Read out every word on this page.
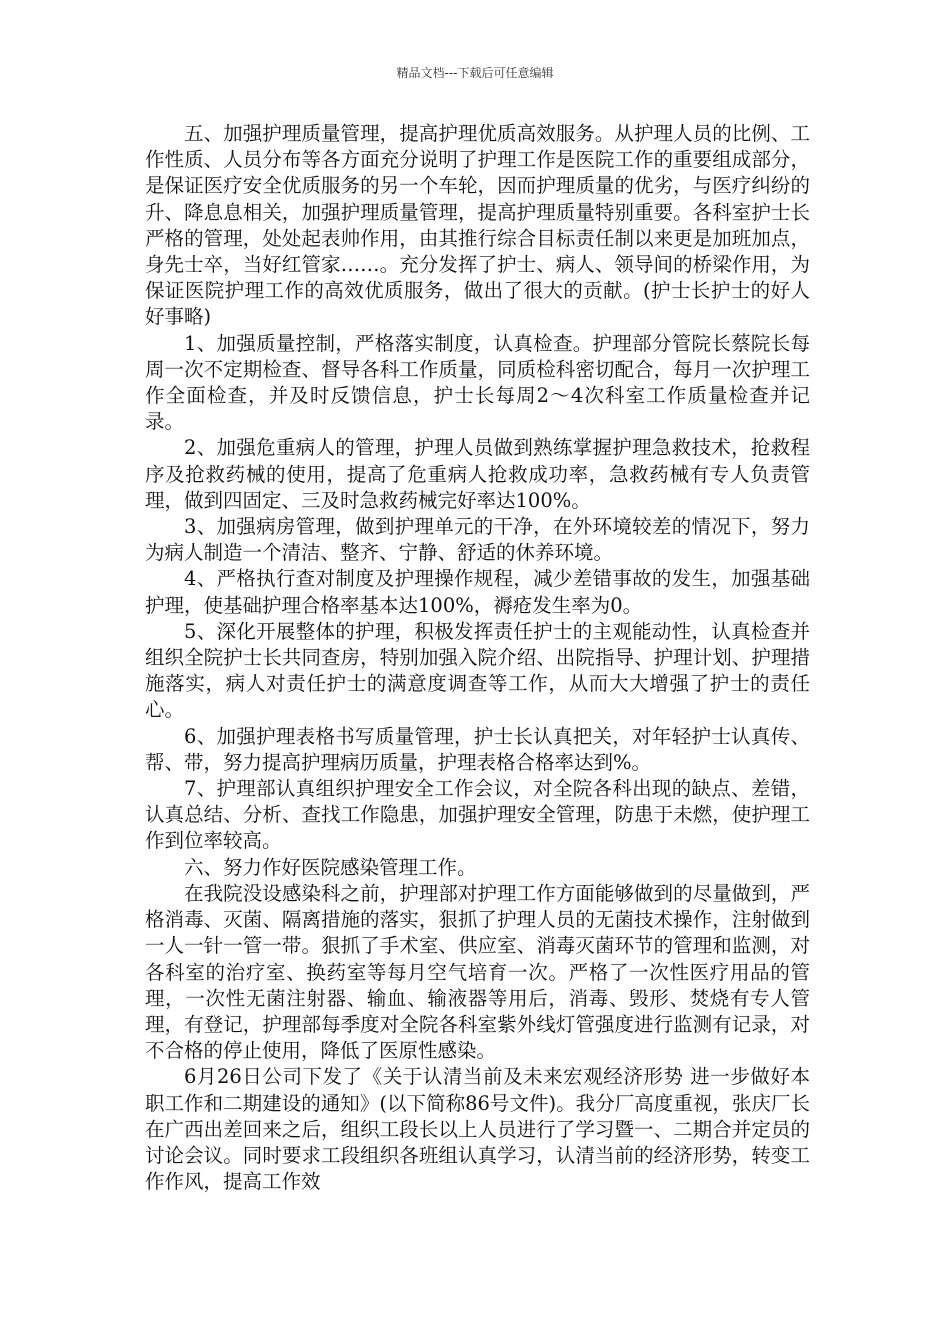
精品文档---下载后可任意编辑

五、加强护理质量管理，提高护理优质高效服务。从护理人员的比例、工作性质、人员分布等各方面充分说明了护理工作是医院工作的重要组成部分，是保证医疗安全优质服务的另一个车轮，因而护理质量的优劣，与医疗纠纷的升、降息息相关，加强护理质量管理，提高护理质量特别重要。各科室护士长严格的管理，处处起表帅作用，由其推行综合目标责任制以来更是加班加点，身先士卒，当好红管家……。充分发挥了护士、病人、领导间的桥梁作用，为保证医院护理工作的高效优质服务，做出了很大的贡献。(护士长护士的好人好事略)

1、加强质量控制，严格落实制度，认真检查。护理部分管院长蔡院长每周一次不定期检查、督导各科工作质量，同质检科密切配合，每月一次护理工作全面检查，并及时反馈信息，护士长每周2～4次科室工作质量检查并记录。

2、加强危重病人的管理，护理人员做到熟练掌握护理急救技术，抢救程序及抢救药械的使用，提高了危重病人抢救成功率，急救药械有专人负责管理，做到四固定、三及时急救药械完好率达100%。

3、加强病房管理，做到护理单元的干净，在外环境较差的情况下，努力为病人制造一个清洁、整齐、宁静、舒适的休养环境。

4、严格执行查对制度及护理操作规程，减少差错事故的发生，加强基础护理，使基础护理合格率基本达100%，褥疮发生率为0。

5、深化开展整体的护理，积极发挥责任护士的主观能动性，认真检查并组织全院护士长共同查房，特别加强入院介绍、出院指导、护理计划、护理措施落实，病人对责任护士的满意度调查等工作，从而大大增强了护士的责任心。

6、加强护理表格书写质量管理，护士长认真把关，对年轻护士认真传、帮、带，努力提高护理病历质量，护理表格合格率达到%。

7、护理部认真组织护理安全工作会议，对全院各科出现的缺点、差错，认真总结、分析、查找工作隐患，加强护理安全管理，防患于未燃，使护理工作到位率较高。

六、努力作好医院感染管理工作。

在我院没设感染科之前，护理部对护理工作方面能够做到的尽量做到，严格消毒、灭菌、隔离措施的落实，狠抓了护理人员的无菌技术操作，注射做到一人一针一管一带。狠抓了手术室、供应室、消毒灭菌环节的管理和监测，对各科室的治疗室、换药室等每月空气培育一次。严格了一次性医疗用品的管理，一次性无菌注射器、输血、输液器等用后，消毒、毁形、焚烧有专人管理，有登记，护理部每季度对全院各科室紫外线灯管强度进行监测有记录，对不合格的停止使用，降低了医原性感染。

6月26日公司下发了《关于认清当前及未来宏观经济形势 进一步做好本职工作和二期建设的通知》(以下简称86号文件)。我分厂高度重视，张庆厂长在广西出差回来之后，组织工段长以上人员进行了学习暨一、二期合并定员的讨论会议。同时要求工段组织各班组认真学习，认清当前的经济形势，转变工作作风，提高工作效
